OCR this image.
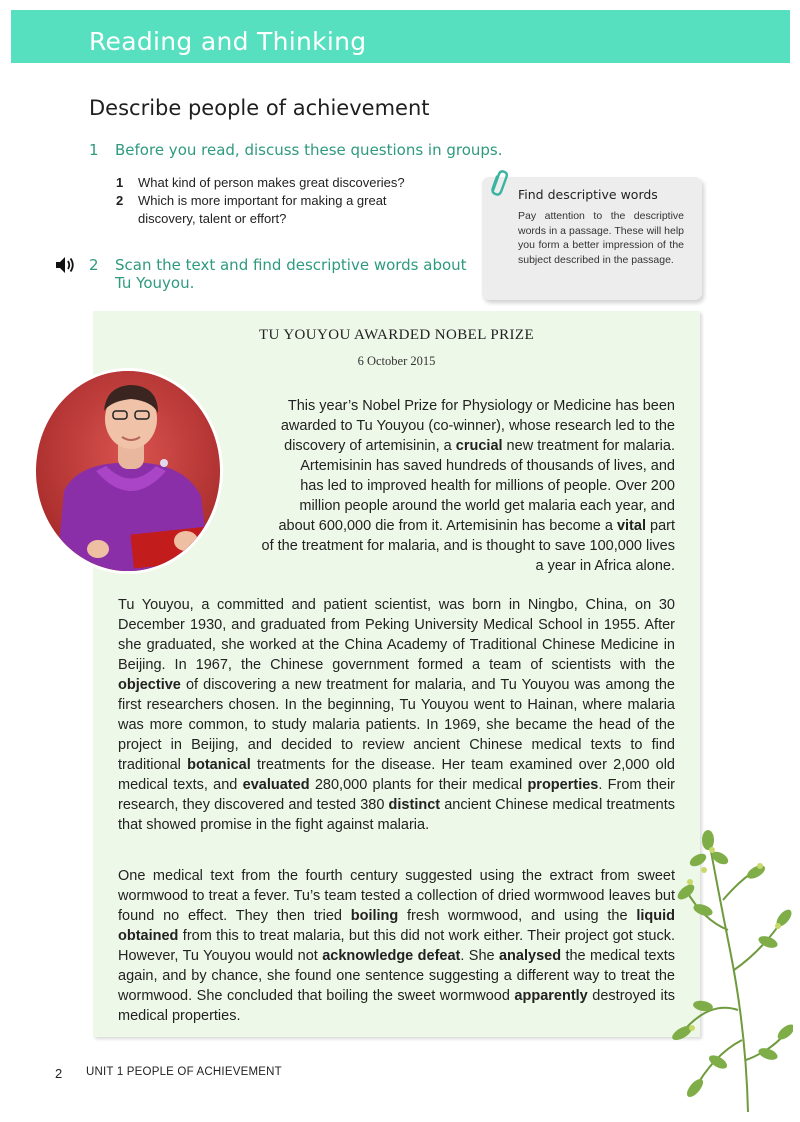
Reading and Thinking
Describe people of achievement
1 Before you read, discuss these questions in groups.
1	What kind of person makes great discoveries?
2	Which is more important for making a great discovery, talent or effort?
2 Scan the text and find descriptive words about
Tu Youyou.
Find descriptive words
Pay attention to the descriptive words in a passage. These will help you form a better impression of the subject described in the passage.
TU YOUYOU AWARDED NOBEL PRIZE
6 October 2015
This year’s Nobel Prize for Physiology or Medicine has been
awarded to Tu Youyou (co-winner), whose research led to the
discovery of artemisinin, a crucial new treatment for malaria.
Artemisinin has saved hundreds of thousands of lives, and
has led to improved health for millions of people. Over 200
million people around the world get malaria each year, and
about 600,000 die from it. Artemisinin has become a vital part
of the treatment for malaria, and is thought to save 100,000 lives
a year in Africa alone.
Tu Youyou, a committed and patient scientist, was born in Ningbo, China, on 30 December 1930, and graduated from Peking University Medical School in 1955. After she graduated, she worked at the China Academy of Traditional Chinese Medicine in Beijing. In 1967, the Chinese government formed a team of scientists with the objective of discovering a new treatment for malaria, and Tu Youyou was among the first researchers chosen. In the beginning, Tu Youyou went to Hainan, where malaria was more common, to study malaria patients. In 1969, she became the head of the project in Beijing, and decided to review ancient Chinese medical texts to find traditional botanical treatments for the disease. Her team examined over 2,000 old medical texts, and evaluated 280,000 plants for their medical properties. From their research, they discovered and tested 380 distinct ancient Chinese medical treatments that showed promise in the fight against malaria.
One medical text from the fourth century suggested using the extract from sweet wormwood to treat a fever. Tu’s team tested a collection of dried wormwood leaves but found no effect. They then tried boiling fresh wormwood, and using the liquid obtained from this to treat malaria, but this did not work either. Their project got stuck. However, Tu Youyou would not acknowledge defeat. She analysed the medical texts again, and by chance, she found one sentence suggesting a different way to treat the wormwood. She concluded that boiling the sweet wormwood apparently destroyed its medical properties.
2 UNIT 1 PEOPLE OF ACHIEVEMENT
